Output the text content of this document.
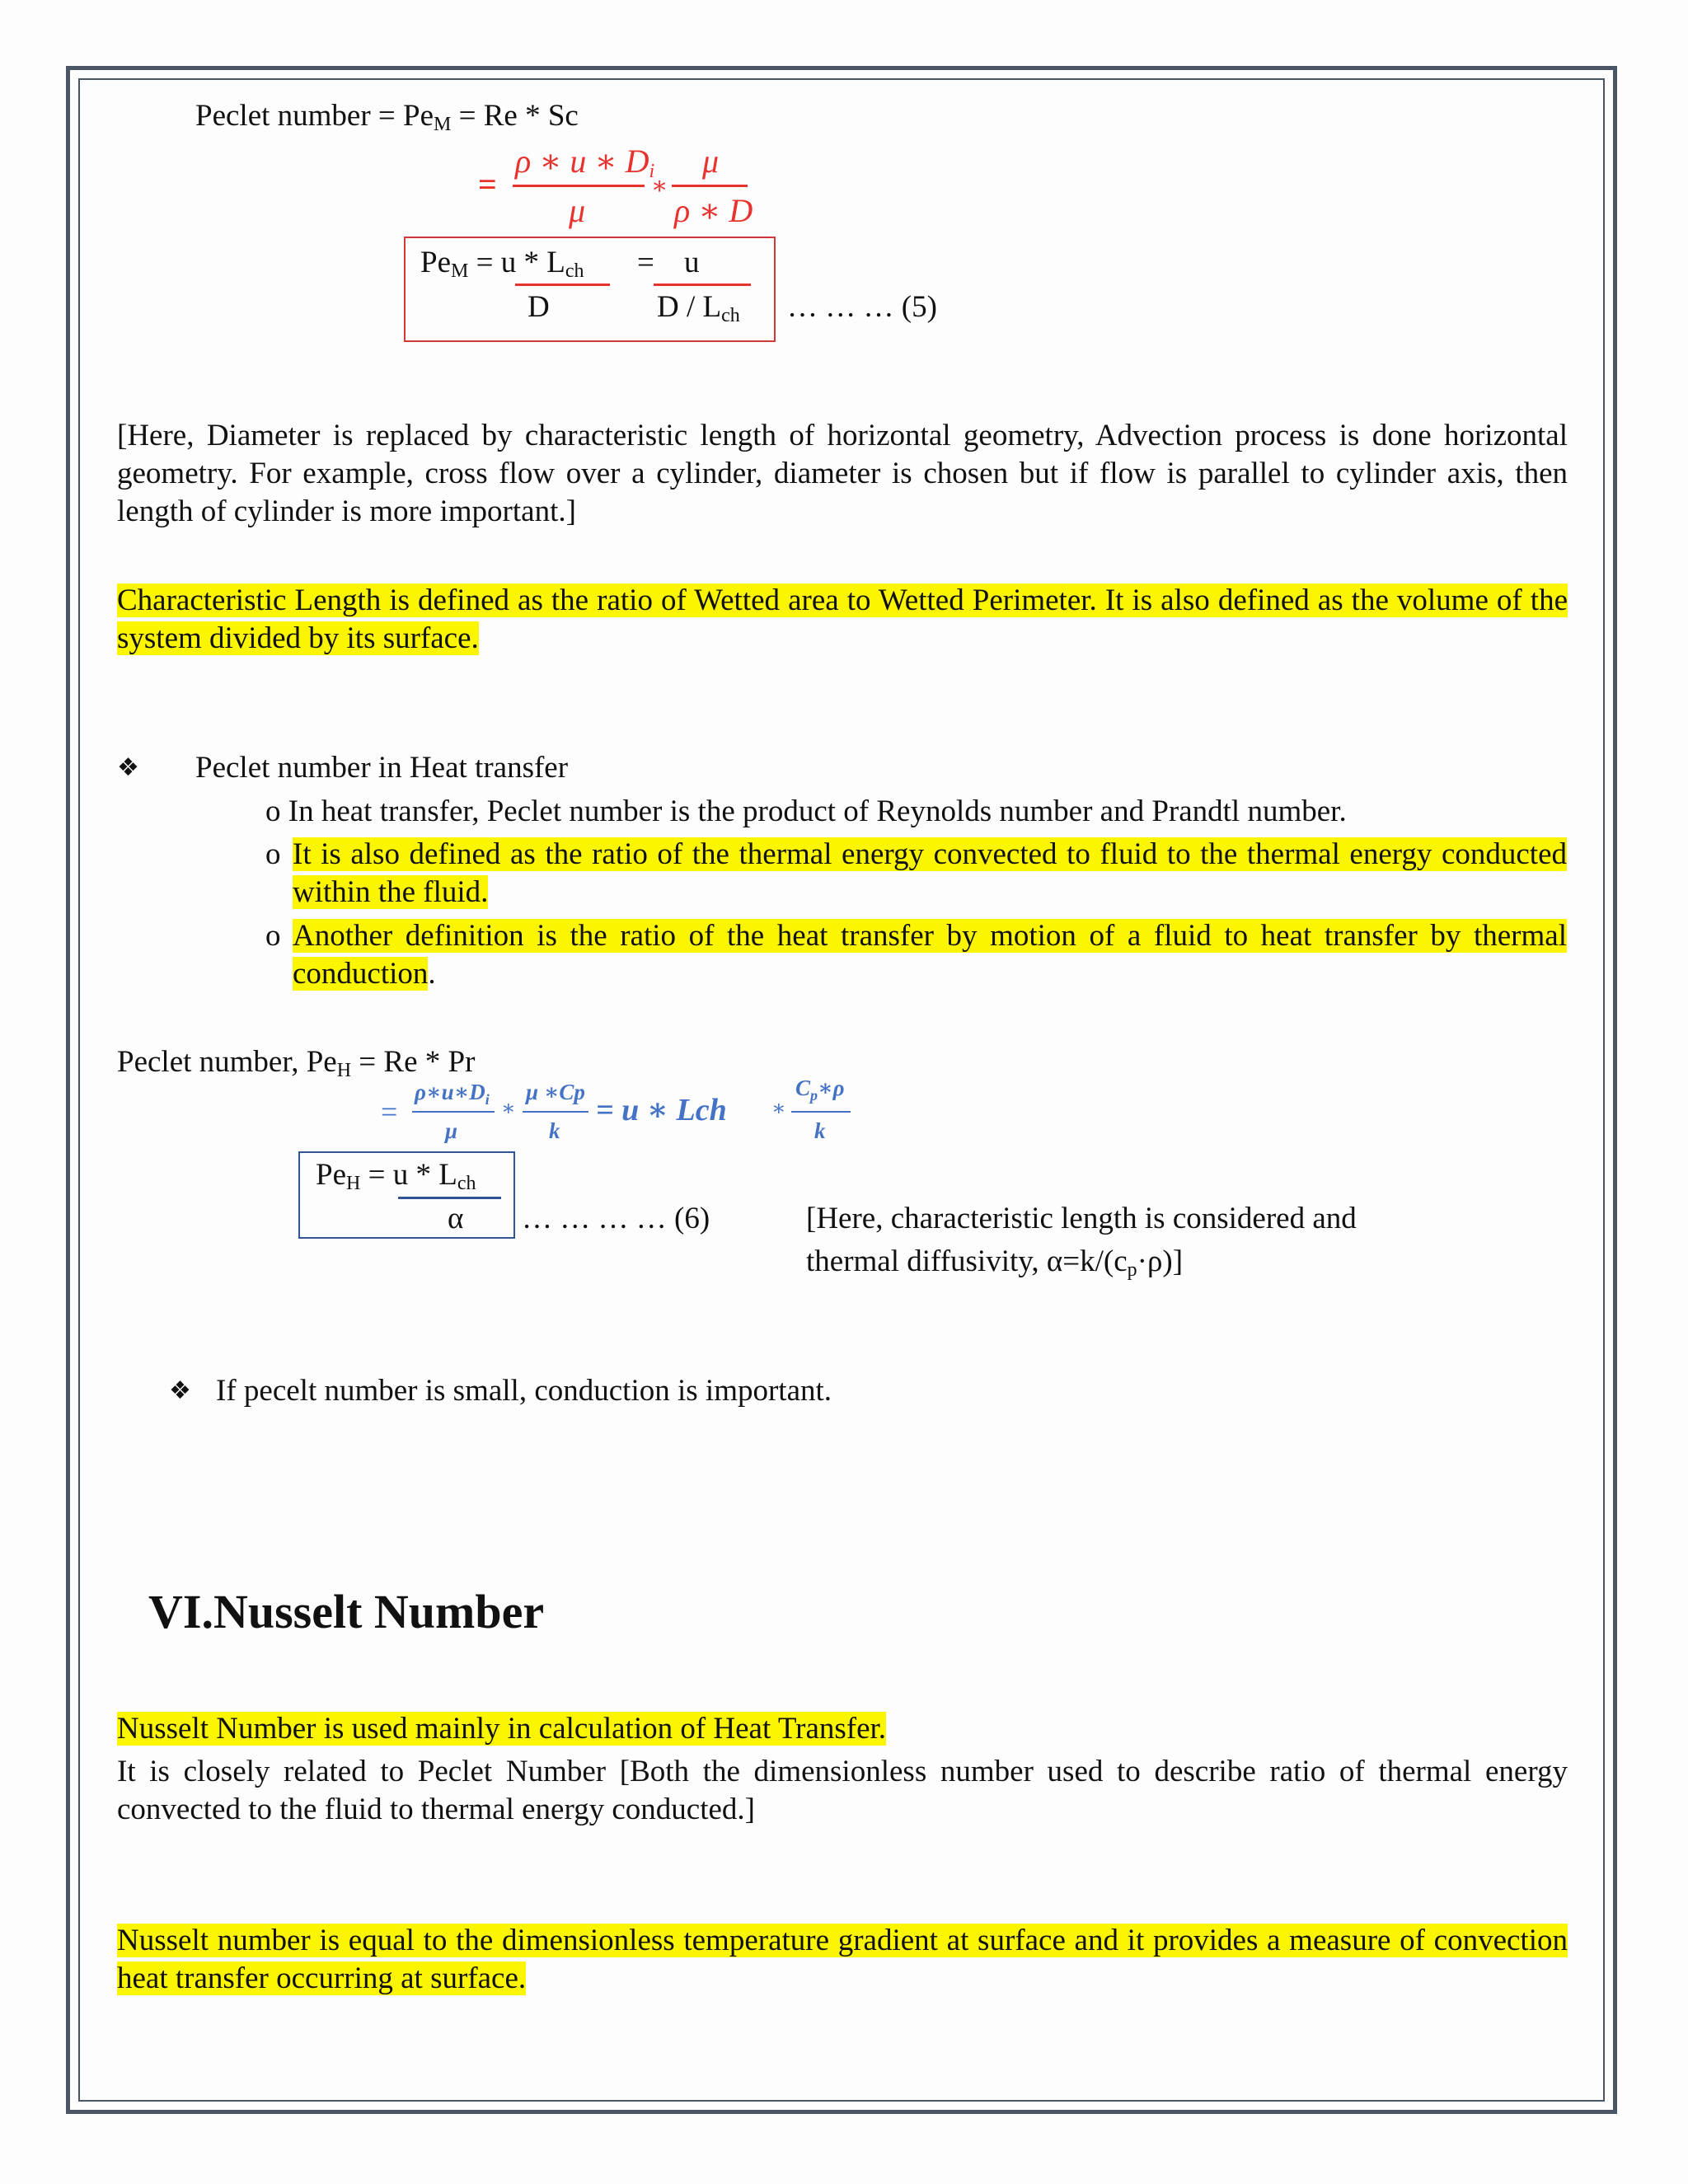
Peclet number = $Pe_M = Re * Sc$
=
ρ ∗ u ∗ $D_i$
μ
∗
μ
ρ ∗ D
$Pe_M = u * L_{ch}$
D
= u
D / $L_{ch}$ … … … (5)
[Here, Diameter is replaced by characteristic length of horizontal geometry, Advection process is done horizontal geometry. For example, cross flow over a cylinder, diameter is chosen but if flow is parallel to cylinder axis, then length of cylinder is more important.]
Characteristic Length is defined as the ratio of Wetted area to Wetted Perimeter. It is also defined as the volume of the system divided by its surface.
❖ Peclet number in Heat transfer
o In heat transfer, Peclet number is the product of Reynolds number and Prandtl number.
o It is also defined as the ratio of the thermal energy convected to fluid to the thermal energy conducted within the fluid.
o Another definition is the ratio of the heat transfer by motion of a fluid to heat transfer by thermal conduction.
Peclet number, $Pe_H = Re * Pr$
=
$\rho∗u∗D_i$
μ
∗
μ ∗Cp
k
= u ∗ Lch ∗
$C_p∗\rho$
k
$Pe_H = u * L_{ch}$
α … … … … (6)	[Here, characteristic length is considered and
thermal diffusivity, $\alpha=k/(c_p\cdot\rho)$]
❖ If pecelt number is small, conduction is important.
VI.Nusselt Number
Nusselt Number is used mainly in calculation of Heat Transfer.
It is closely related to Peclet Number [Both the dimensionless number used to describe ratio of thermal energy convected to the fluid to thermal energy conducted.]
Nusselt number is equal to the dimensionless temperature gradient at surface and it provides a measure of convection heat transfer occurring at surface.
